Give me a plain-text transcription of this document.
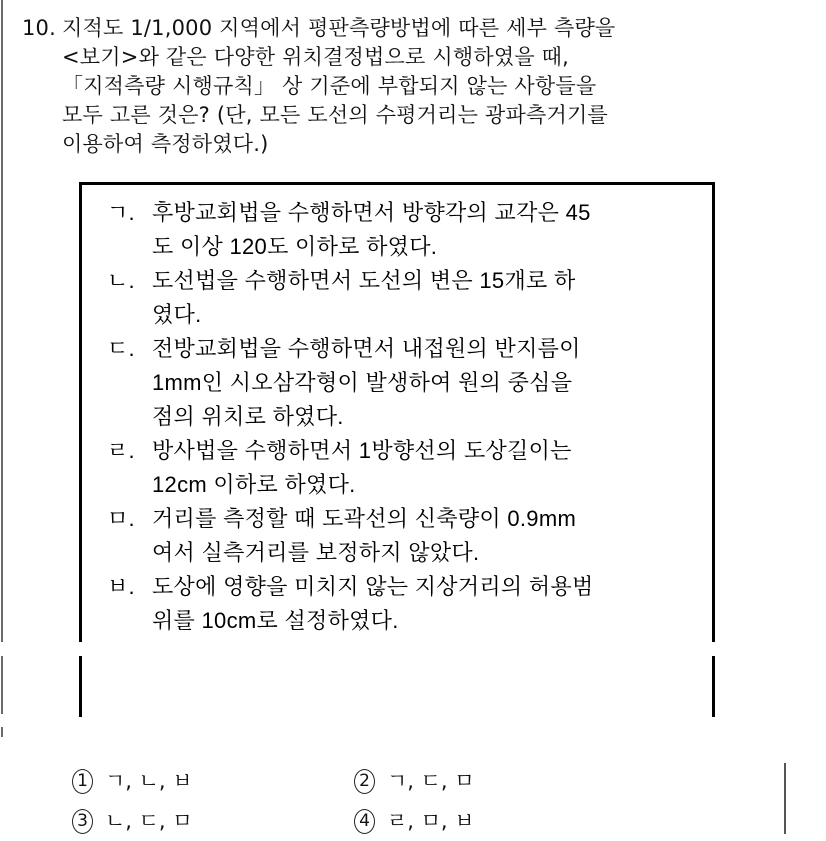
10. 지적도 1/1,000 지역에서 평판측량방법에 따른 세부 측량을
<보기>와 같은 다양한 위치결정법으로 시행하였을 때,
「지적측량 시행규칙」 상 기준에 부합되지 않는 사항들을
모두 고른 것은? (단, 모든 도선의 수평거리는 광파측거기를
이용하여 측정하였다.)
ㄱ. 후방교회법을 수행하면서 방향각의 교각은 45
도 이상 120도 이하로 하였다.
ㄴ. 도선법을 수행하면서 도선의 변은 15개로 하
였다.
ㄷ. 전방교회법을 수행하면서 내접원의 반지름이
1mm인 시오삼각형이 발생하여 원의 중심을
점의 위치로 하였다.
ㄹ. 방사법을 수행하면서 1방향선의 도상길이는
12cm 이하로 하였다.
ㅁ. 거리를 측정할 때 도곽선의 신축량이 0.9mm
여서 실측거리를 보정하지 않았다.
ㅂ. 도상에 영향을 미치지 않는 지상거리의 허용범
위를 10cm로 설정하였다.
1 ㄱ, ㄴ, ㅂ	2 ㄱ, ㄷ, ㅁ
3 ㄴ, ㄷ, ㅁ	4 ㄹ, ㅁ, ㅂ
